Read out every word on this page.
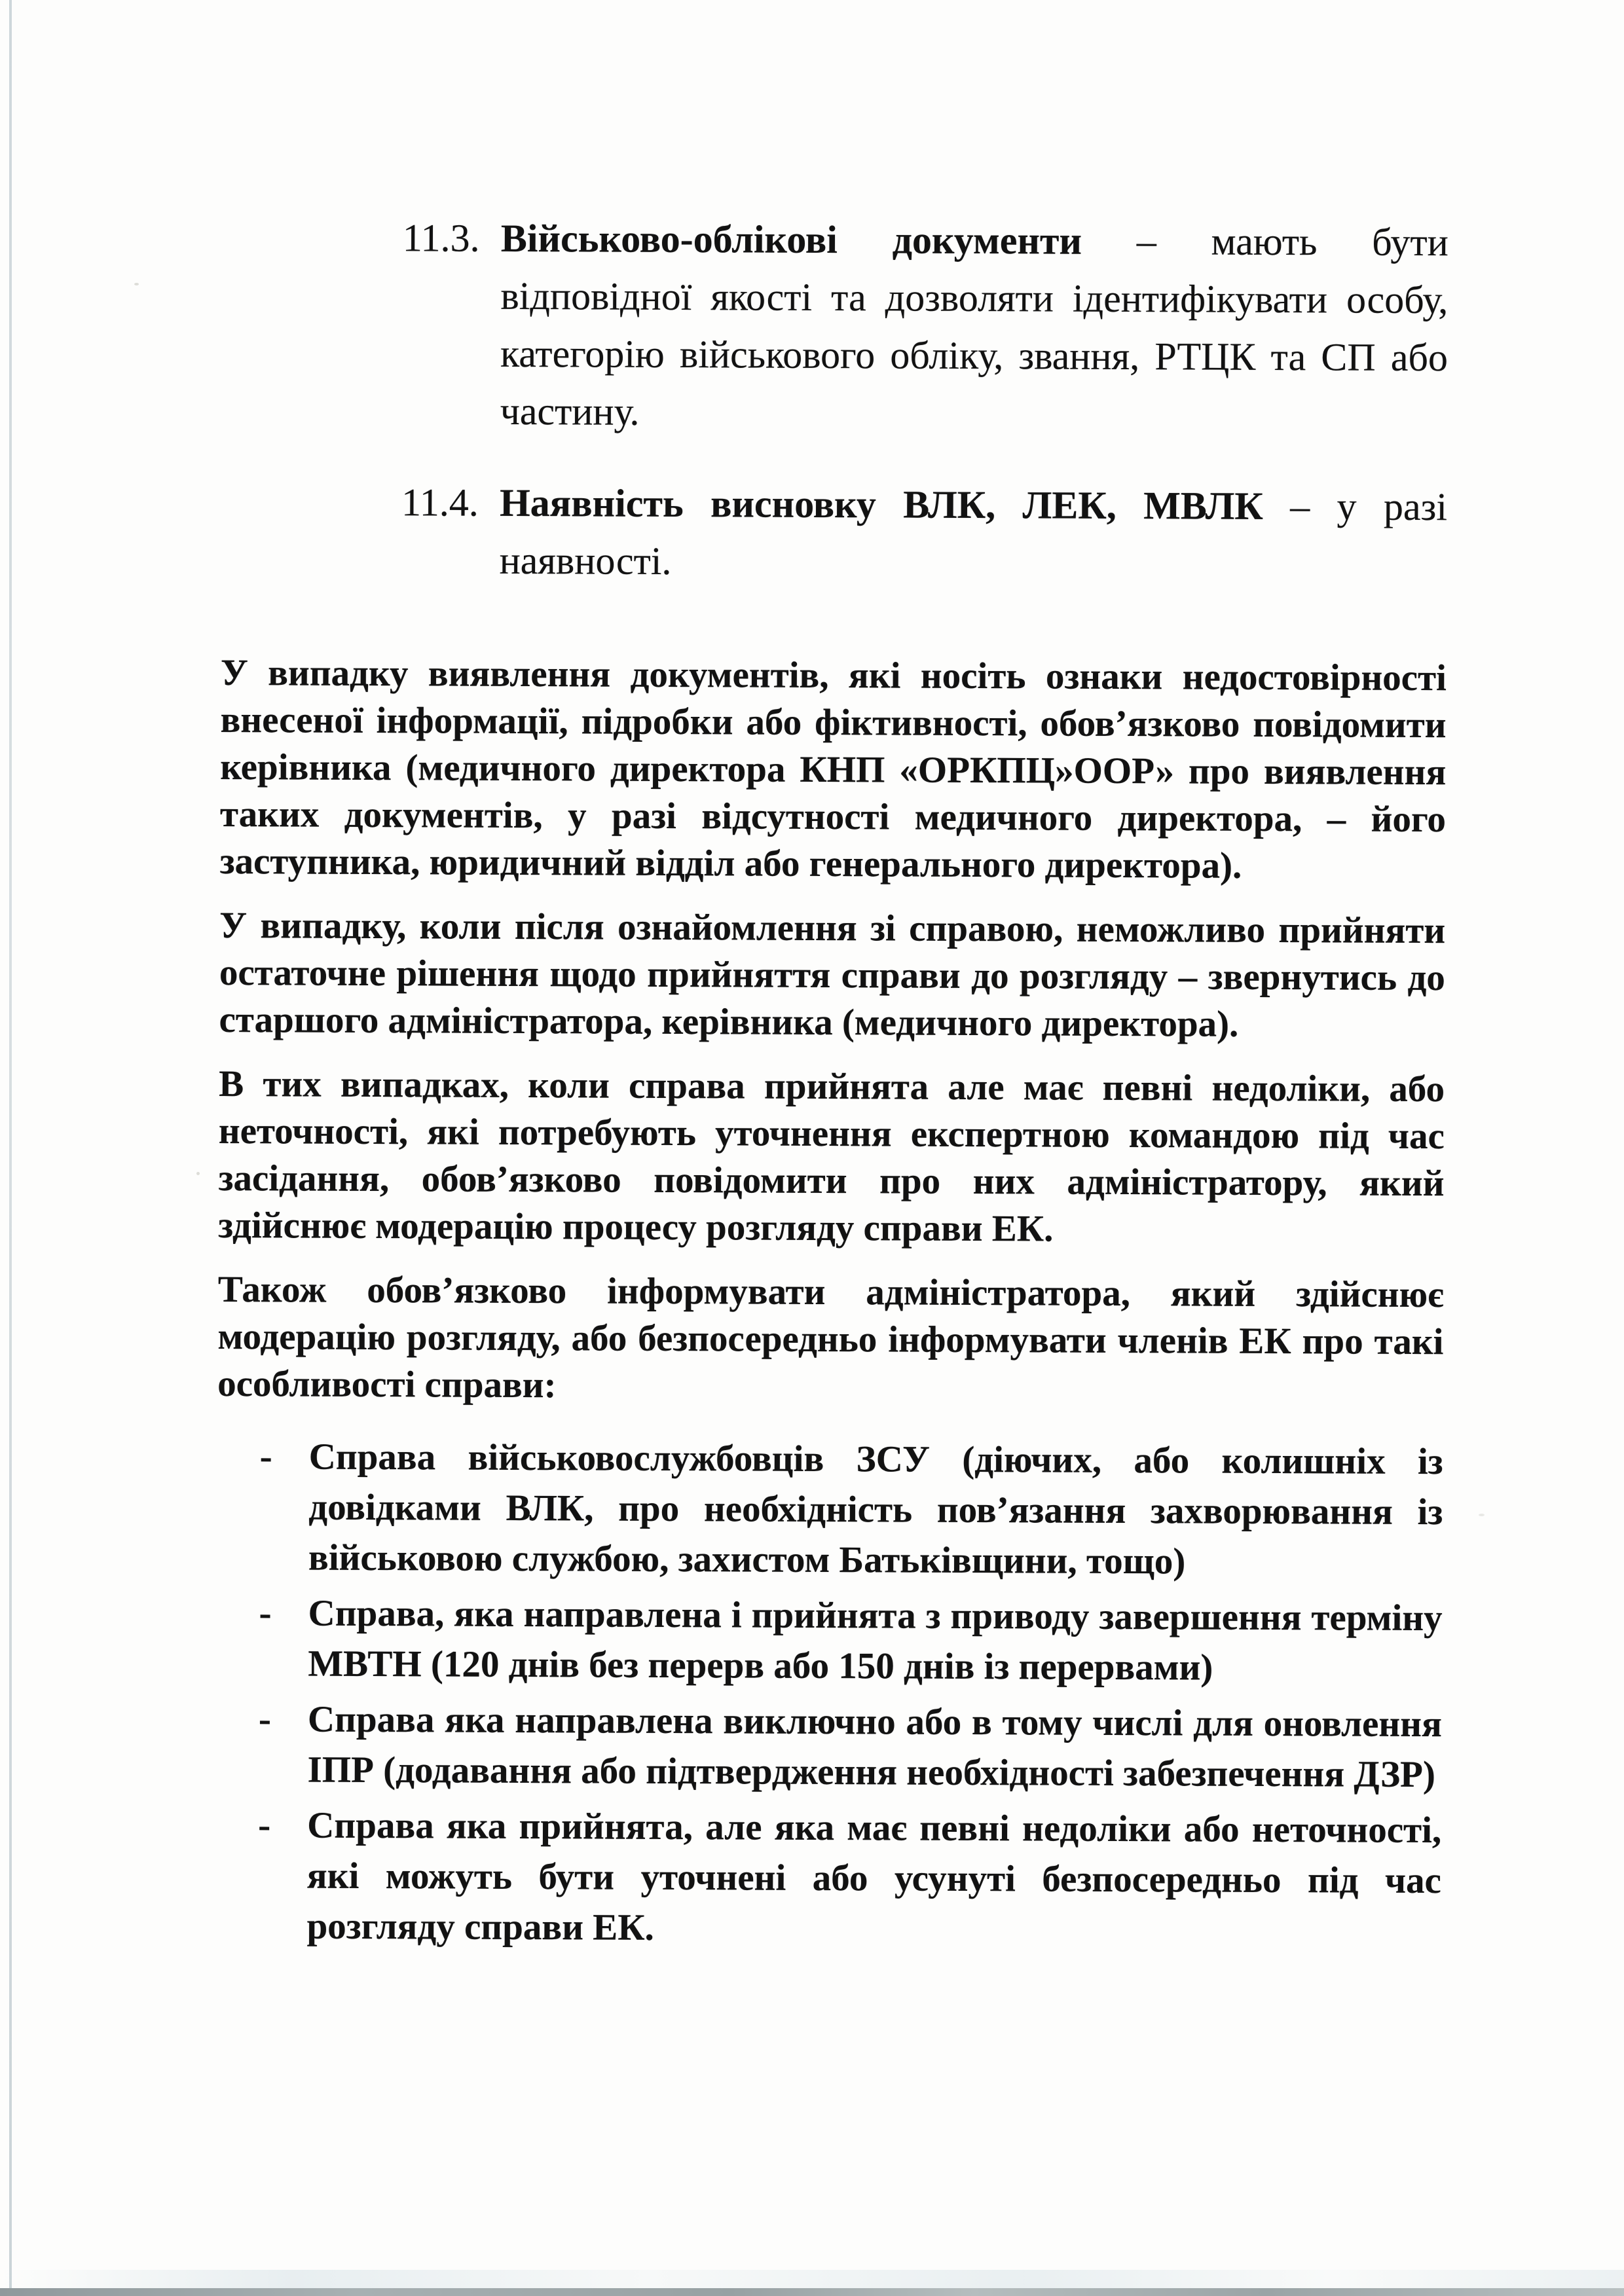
11.3. Військово-облікові документи – мають бути відповідної якості та дозволяти ідентифікувати особу, категорію військового обліку, звання, РТЦК та СП або частину.
11.4. Наявність висновку ВЛК, ЛЕК, МВЛК – у разі наявності.
У випадку виявлення документів, які носіть ознаки недостовірності внесеної інформації, підробки або фіктивності, обов’язково повідомити керівника (медичного директора КНП «ОРКПЦ»ООР» про виявлення таких документів, у разі відсутності медичного директора, – його заступника, юридичний відділ або генерального директора).
У випадку, коли після ознайомлення зі справою, неможливо прийняти остаточне рішення щодо прийняття справи до розгляду – звернутись до старшого адміністратора, керівника (медичного директора).
В тих випадках, коли справа прийнята але має певні недоліки, або неточності, які потребують уточнення експертною командою під час засідання, обов’язково повідомити про них адміністратору, який здійснює модерацію процесу розгляду справи ЕК.
Також обов’язково інформувати адміністратора, який здійснює модерацію розгляду, або безпосередньо інформувати членів ЕК про такі особливості справи:
- Справа військовослужбовців ЗСУ (діючих, або колишніх із довідками ВЛК, про необхідність пов’язання захворювання із військовою службою, захистом Батьківщини, тощо)
- Справа, яка направлена і прийнята з приводу завершення терміну МВТН (120 днів без перерв або 150 днів із перервами)
- Справа яка направлена виключно або в тому числі для оновлення ІПР (додавання або підтвердження необхідності забезпечення ДЗР)
- Справа яка прийнята, але яка має певні недоліки або неточності, які можуть бути уточнені або усунуті безпосередньо під час розгляду справи ЕК.
